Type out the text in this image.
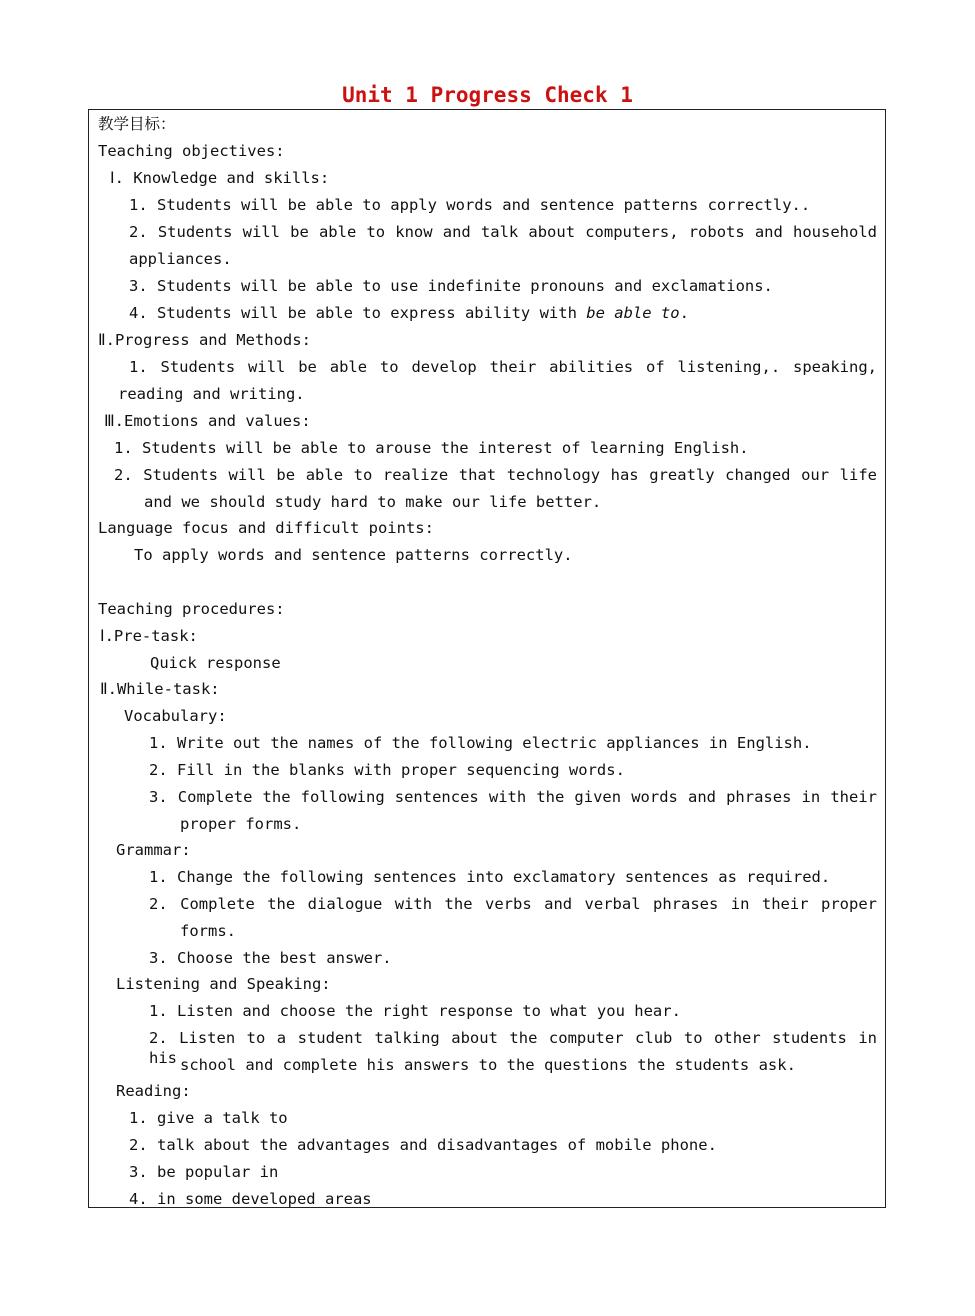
Unit 1 Progress Check 1
教学目标：
Teaching objectives:
Ⅰ. Knowledge and skills:
1. Students will be able to apply words and sentence patterns correctly..
2. Students will be able to know and talk about computers, robots and household
appliances.
3. Students will be able to use indefinite pronouns and exclamations.
4. Students will be able to express ability with be able to.
Ⅱ.Progress and Methods:
1. Students will be able to develop their abilities of listening,. speaking,
reading and writing.
Ⅲ.Emotions and values:
1. Students will be able to arouse the interest of learning English.
2. Students will be able to realize that technology has greatly changed our life
and we should study hard to make our life better.
Language focus and difficult points:
To apply words and sentence patterns correctly.
Teaching procedures:
Ⅰ.Pre-task:
Quick response
Ⅱ.While-task:
Vocabulary:
1. Write out the names of the following electric appliances in English.
2. Fill in the blanks with proper sequencing words.
3. Complete the following sentences with the given words and phrases in their
proper forms.
Grammar:
1. Change the following sentences into exclamatory sentences as required.
2. Complete the dialogue with the verbs and verbal phrases in their proper
forms.
3. Choose the best answer.
Listening and Speaking:
1. Listen and choose the right response to what you hear.
2. Listen to a student talking about the computer club to other students in his school and complete his answers to the questions the students ask.
Reading:
1. give a talk to
2. talk about the advantages and disadvantages of mobile phone.
3. be popular in
4. in some developed areas
